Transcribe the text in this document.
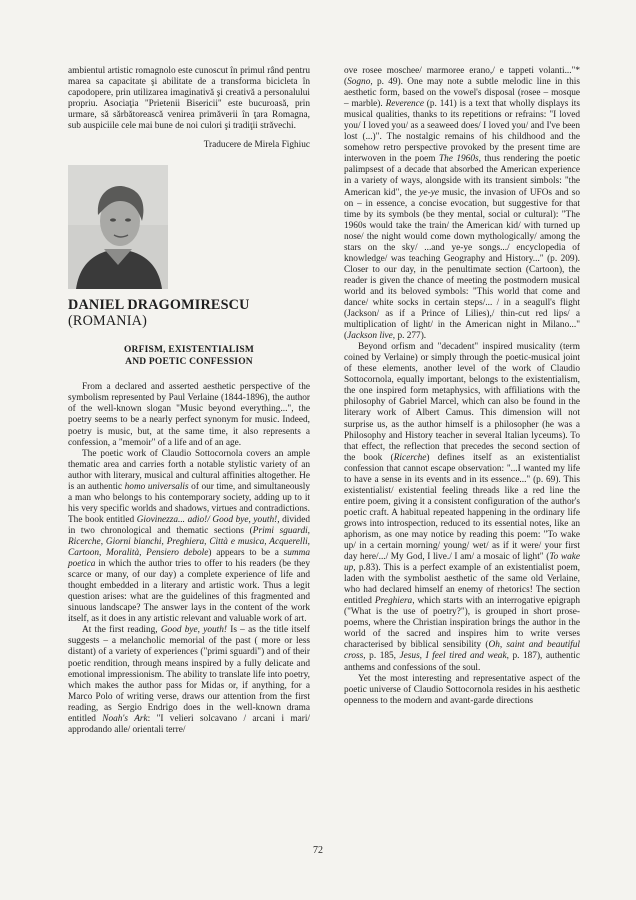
ambientul artistic romagnolo este cunoscut în primul rând pentru marea sa capacitate şi abilitate de a transforma bicicleta în capodopere, prin utilizarea imaginativă şi creativă a personalului propriu. Asociaţia "Prietenii Bisericii" este bucuroasă, prin urmare, să sărbătorească venirea primăverii în ţara Romagna, sub auspiciile cele mai bune de noi culori şi tradiţii străvechi.

Traducere de Mirela Fighiuc
DANIEL DRAGOMIRESCU
(ROMANIA)
ORFISM, EXISTENTIALISM
AND POETIC CONFESSION

From a declared and asserted aesthetic perspective of the symbolism represented by Paul Verlaine (1844-1896), the author of the well-known slogan "Music beyond everything...", the poetry seems to be a nearly perfect synonym for music. Indeed, poetry is music, but, at the same time, it also represents a confession, a "memoir" of a life and of an age.

The poetic work of Claudio Sottocornola covers an ample thematic area and carries forth a notable stylistic variety of an author with literary, musical and cultural affinities altogether. He is an authentic homo universalis of our time, and simultaneously a man who belongs to his contemporary society, adding up to it his very specific worlds and shadows, virtues and contradictions. The book entitled Giovinezza... adio!/ Good bye, youth!, divided in two chronological and thematic sections (Primi sguardi, Ricerche, Giorni bianchi, Preghiera, Città e musica, Acquerelli, Cartoon, Moralità, Pensiero debole) appears to be a summa poetica in which the author tries to offer to his readers (be they scarce or many, of our day) a complete experience of life and thought embedded in a literary and artistic work. Thus a legit question arises: what are the guidelines of this fragmented and sinuous landscape? The answer lays in the content of the work itself, as it does in any artistic relevant and valuable work of art.

At the first reading, Good bye, youth! Is – as the title itself suggests – a melancholic memorial of the past ( more or less distant) of a variety of experiences ("primi sguardi") and of their poetic rendition, through means inspired by a fully delicate and emotional impressionism. The ability to translate life into poetry, which makes the author pass for Midas or, if anything, for a Marco Polo of writing verse, draws our attention from the first reading, as Sergio Endrigo does in the well-known drama entitled Noah's Ark: "I velieri solcavano / arcani i mari/ approdando alle/ orientali terre/

ove rosee moschee/ marmoree erano,/ e tappeti volanti..."* (Sogno, p. 49). One may note a subtle melodic line in this aesthetic form, based on the vowel's disposal (rosee – mosque – marble). Reverence (p. 141) is a text that wholly displays its musical qualities, thanks to its repetitions or refrains: "I loved you/ I loved you/ as a seaweed does/ I loved you/ and I've been lost (...)". The nostalgic remains of his childhood and the somehow retro perspective provoked by the present time are interwoven in the poem The 1960s, thus rendering the poetic palimpsest of a decade that absorbed the American experience in a variety of ways, alongside with its transient simbols: "the American kid", the ye-ye music, the invasion of UFOs and so on – in essence, a concise evocation, but suggestive for that time by its symbols (be they mental, social or cultural): "The 1960s would take the train/ the American kid/ with turned up nose/ the night would come down mythologically/ among the stars on the sky/ ...and ye-ye songs.../ encyclopedia of knowledge/ was teaching Geography and History..." (p. 209). Closer to our day, in the penultimate section (Cartoon), the reader is given the chance of meeting the postmodern musical world and its beloved symbols: "This world that come and dance/ white socks in certain steps/... / in a seagull's flight (Jackson/ as if a Prince of Lilies),/ thin-cut red lips/ a multiplication of light/ in the American night in Milano..." (Jackson live, p. 277).

Beyond orfism and "decadent" inspired musicality (term coined by Verlaine) or simply through the poetic-musical joint of these elements, another level of the work of Claudio Sottocornola, equally important, belongs to the existentialism, the one inspired form metaphysics, with affiliations with the philosophy of Gabriel Marcel, which can also be found in the literary work of Albert Camus. This dimension will not surprise us, as the author himself is a philosopher (he was a Philosophy and History teacher in several Italian lyceums). To that effect, the reflection that precedes the second section of the book (Ricerche) defines itself as an existentialist confession that cannot escape observation: "...I wanted my life to have a sense in its events and in its essence..." (p. 69). This existentialist/ existential feeling threads like a red line the entire poem, giving it a consistent configuration of the author's poetic craft. A habitual repeated happening in the ordinary life grows into introspection, reduced to its essential notes, like an aphorism, as one may notice by reading this poem: "To wake up/ in a certain morning/ young/ wet/ as if it were/ your first day here/.../ My God, I live./ I am/ a mosaic of light" (To wake up, p.83). This is a perfect example of an existentialist poem, laden with the symbolist aesthetic of the same old Verlaine, who had declared himself an enemy of rhetorics! The section entitled Preghiera, which starts with an interrogative epigraph ("What is the use of poetry?"), is grouped in short prose-poems, where the Christian inspiration brings the author in the world of the sacred and inspires him to write verses characterised by biblical sensibility (Oh, saint and beautiful cross, p. 185, Jesus, I feel tired and weak, p. 187), authentic anthems and confessions of the soul.

Yet the most interesting and representative aspect of the poetic universe of Claudio Sottocornola resides in his aesthetic openness to the modern and avant-garde directions

72
